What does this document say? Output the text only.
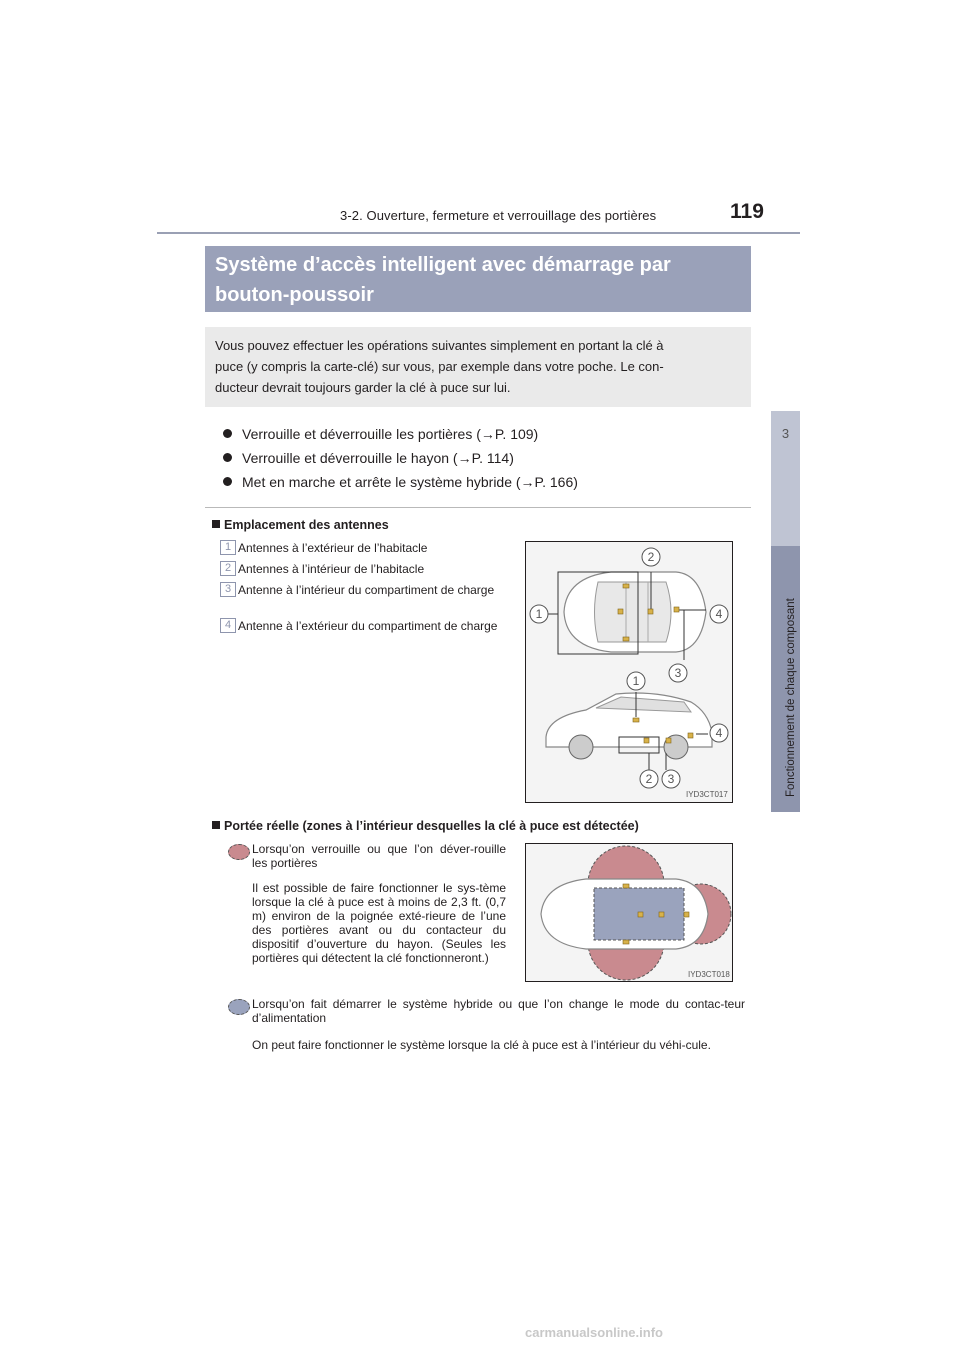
3-2. Ouverture, fermeture et verrouillage des portières	119
3
Fonctionnement de chaque composant
Système d’accès intelligent avec démarrage par
bouton-poussoir
Vous pouvez effectuer les opérations suivantes simplement en portant la clé à
puce (y compris la carte-clé) sur vous, par exemple dans votre poche. Le con-
ducteur devrait toujours garder la clé à puce sur lui.
Verrouille et déverrouille les portières (→P. 109)
Verrouille et déverrouille le hayon (→P. 114)
Met en marche et arrête le système hybride (→P. 166)
Emplacement des antennes
1 Antennes à l’extérieur de l’habitacle
2 Antennes à l’intérieur de l’habitacle
3 Antenne à l’intérieur du compartiment de charge
4 Antenne à l’extérieur du compartiment de charge
2
1	4
3
1
4
2 3
IYD3CT017
Portée réelle (zones à l’intérieur desquelles la clé à puce est détectée)
Lorsqu’on verrouille ou que l’on déver-rouille les portières
Il est possible de faire fonctionner le sys-tème lorsque la clé à puce est à moins de 2,3 ft. (0,7 m) environ de la poignée exté-rieure de l’une des portières avant ou du contacteur du dispositif d’ouverture du hayon. (Seules les portières qui détectent la clé fonctionneront.)
IYD3CT018
Lorsqu’on fait démarrer le système hybride ou que l’on change le mode du contac-teur d’alimentation
On peut faire fonctionner le système lorsque la clé à puce est à l’intérieur du véhi-cule.
carmanualsonline.info
